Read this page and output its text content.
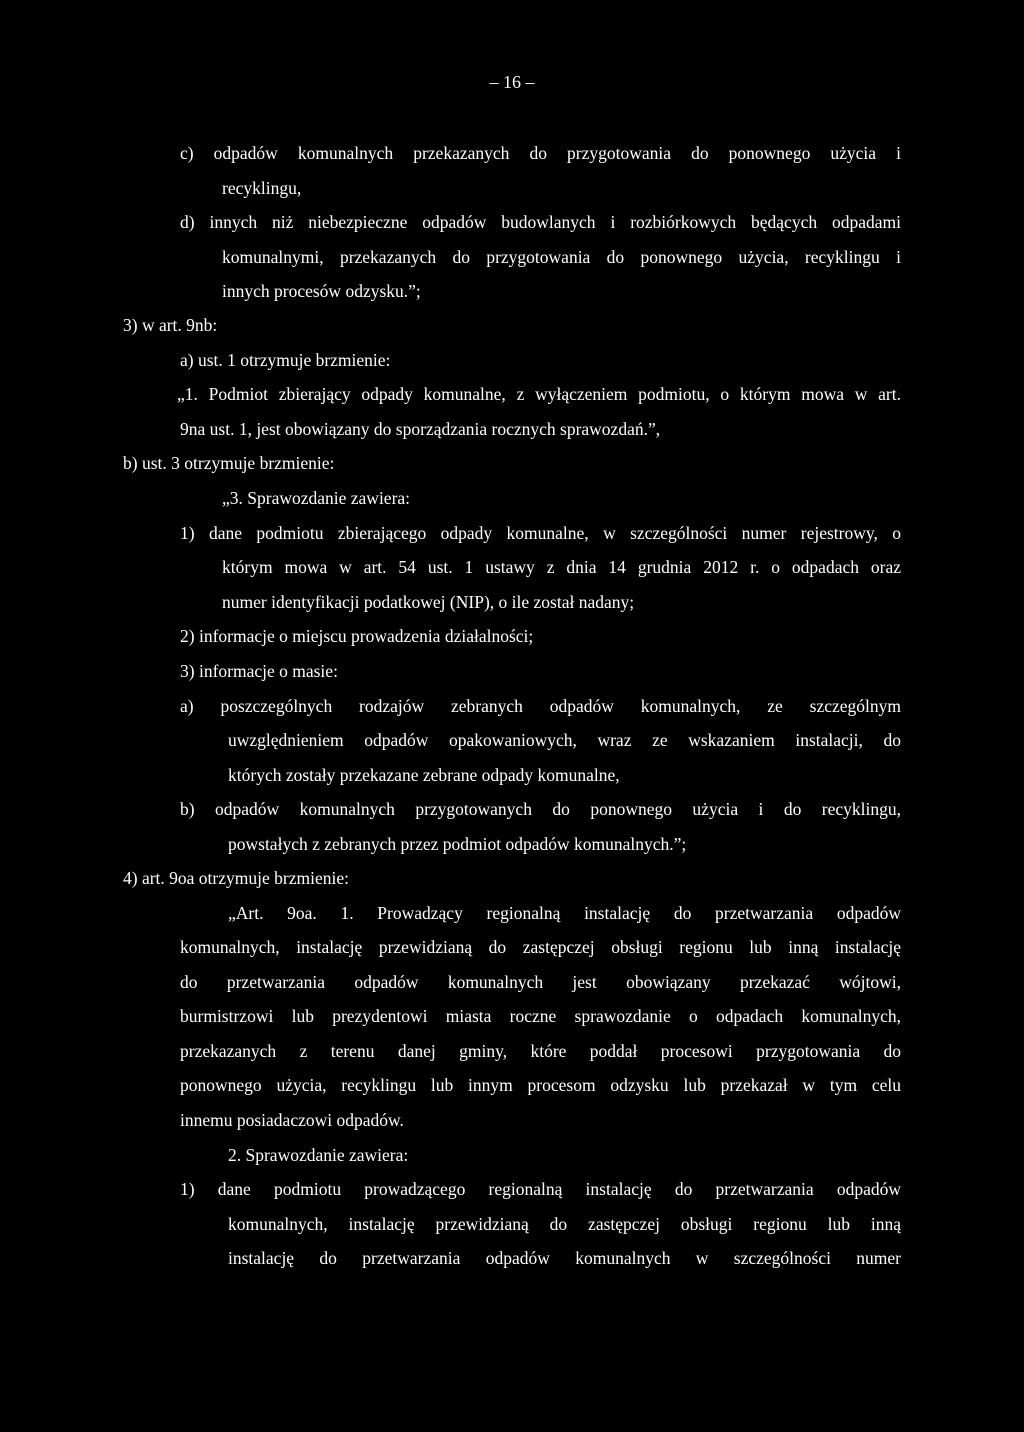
– 16 –
c) odpadów komunalnych przekazanych do przygotowania do ponownego użycia i
recyklingu,
d) innych niż niebezpieczne odpadów budowlanych i rozbiórkowych będących odpadami
komunalnymi, przekazanych do przygotowania do ponownego użycia, recyklingu i
innych procesów odzysku.”;
3) w art. 9nb:
a) ust. 1 otrzymuje brzmienie:
„1. Podmiot zbierający odpady komunalne, z wyłączeniem podmiotu, o którym mowa w art.
9na ust. 1, jest obowiązany do sporządzania rocznych sprawozdań.”,
b) ust. 3 otrzymuje brzmienie:
„3. Sprawozdanie zawiera:
1) dane podmiotu zbierającego odpady komunalne, w szczególności numer rejestrowy, o
którym mowa w art. 54 ust. 1 ustawy z dnia 14 grudnia 2012 r. o odpadach oraz
numer identyfikacji podatkowej (NIP), o ile został nadany;
2) informacje o miejscu prowadzenia działalności;
3) informacje o masie:
a) poszczególnych rodzajów zebranych odpadów komunalnych, ze szczególnym
uwzględnieniem odpadów opakowaniowych, wraz ze wskazaniem instalacji, do
których zostały przekazane zebrane odpady komunalne,
b) odpadów komunalnych przygotowanych do ponownego użycia i do recyklingu,
powstałych z zebranych przez podmiot odpadów komunalnych.”;
4) art. 9oa otrzymuje brzmienie:
„Art. 9oa. 1. Prowadzący regionalną instalację do przetwarzania odpadów
komunalnych, instalację przewidzianą do zastępczej obsługi regionu lub inną instalację
do przetwarzania odpadów komunalnych jest obowiązany przekazać wójtowi,
burmistrzowi lub prezydentowi miasta roczne sprawozdanie o odpadach komunalnych,
przekazanych z terenu danej gminy, które poddał procesowi przygotowania do
ponownego użycia, recyklingu lub innym procesom odzysku lub przekazał w tym celu
innemu posiadaczowi odpadów.
2. Sprawozdanie zawiera:
1) dane podmiotu prowadzącego regionalną instalację do przetwarzania odpadów
komunalnych, instalację przewidzianą do zastępczej obsługi regionu lub inną
instalację do przetwarzania odpadów komunalnych w szczególności numer
